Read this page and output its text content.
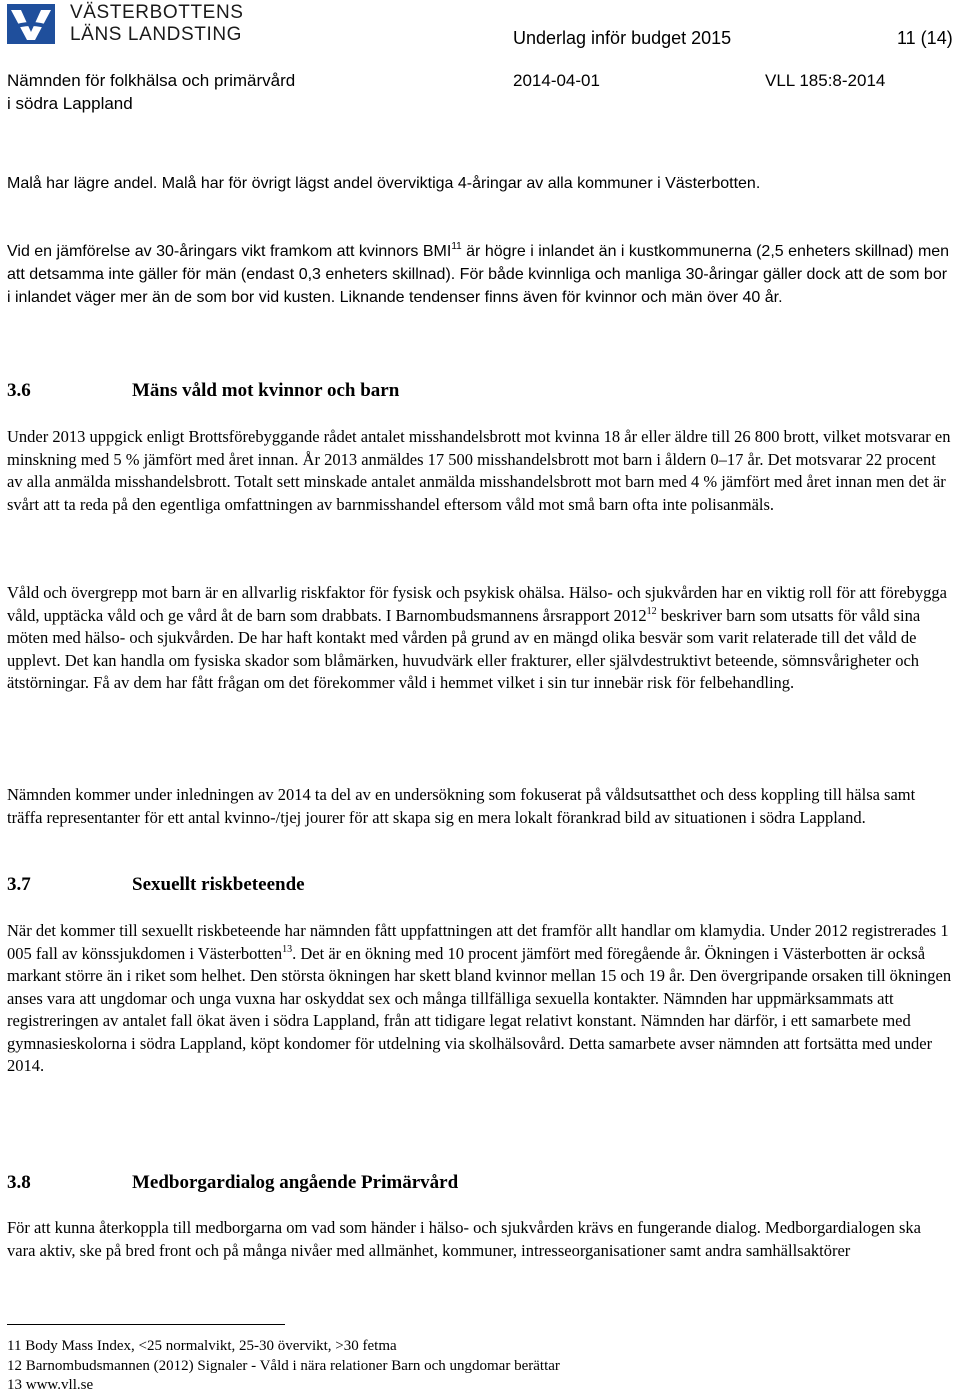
VÄSTERBOTTENS
LÄNS LANDSTING	Underlag inför budget 2015	11 (14)
Nämnden för folkhälsa och primärvård
i södra Lappland
2014-04-01	VLL 185:8-2014

Malå har lägre andel. Malå har för övrigt lägst andel överviktiga 4-åringar av alla kommuner i Västerbotten.

Vid en jämförelse av 30-åringars vikt framkom att kvinnors BMI$^{11}$ är högre i inlandet än i kustkommunerna (2,5 enheters skillnad) men att detsamma inte gäller för män (endast 0,3 enheters skillnad). För både kvinnliga och manliga 30-åringar gäller dock att de som bor i inlandet väger mer än de som bor vid kusten. Liknande tendenser finns även för kvinnor och män över 40 år.

3.6	Mäns våld mot kvinnor och barn

Under 2013 uppgick enligt Brottsförebyggande rådet antalet misshandelsbrott mot kvinna 18 år eller äldre till 26 800 brott, vilket motsvarar en minskning med 5 % jämfört med året innan. År 2013 anmäldes 17 500 misshandelsbrott mot barn i åldern 0–17 år. Det motsvarar 22 procent av alla anmälda misshandelsbrott. Totalt sett minskade antalet anmälda misshandelsbrott mot barn med 4 % jämfört med året innan men det är svårt att ta reda på den egentliga omfattningen av barnmisshandel eftersom våld mot små barn ofta inte polisanmäls.

Våld och övergrepp mot barn är en allvarlig riskfaktor för fysisk och psykisk ohälsa. Hälso- och sjukvården har en viktig roll för att förebygga våld, upptäcka våld och ge vård åt de barn som drabbats. I Barnombudsmannens årsrapport 2012$^{12}$ beskriver barn som utsatts för våld sina möten med hälso- och sjukvården. De har haft kontakt med vården på grund av en mängd olika besvär som varit relaterade till det våld de upplevt. Det kan handla om fysiska skador som blåmärken, huvudvärk eller frakturer, eller självdestruktivt beteende, sömnsvårigheter och ätstörningar. Få av dem har fått frågan om det förekommer våld i hemmet vilket i sin tur innebär risk för felbehandling.

Nämnden kommer under inledningen av 2014 ta del av en undersökning som fokuserat på våldsutsatthet och dess koppling till hälsa samt träffa representanter för ett antal kvinno-/tjej jourer för att skapa sig en mera lokalt förankrad bild av situationen i södra Lappland.

3.7	Sexuellt riskbeteende

När det kommer till sexuellt riskbeteende har nämnden fått uppfattningen att det framför allt handlar om klamydia. Under 2012 registrerades 1 005 fall av könssjukdomen i Västerbotten$^{13}$. Det är en ökning med 10 procent jämfört med föregående år. Ökningen i Västerbotten är också markant större än i riket som helhet. Den största ökningen har skett bland kvinnor mellan 15 och 19 år. Den övergripande orsaken till ökningen anses vara att ungdomar och unga vuxna har oskyddat sex och många tillfälliga sexuella kontakter. Nämnden har uppmärksammats att registreringen av antalet fall ökat även i södra Lappland, från att tidigare legat relativt konstant. Nämnden har därför, i ett samarbete med gymnasieskolorna i södra Lappland, köpt kondomer för utdelning via skolhälsovård. Detta samarbete avser nämnden att fortsätta med under 2014.

3.8	Medborgardialog angående Primärvård

För att kunna återkoppla till medborgarna om vad som händer i hälso- och sjukvården krävs en fungerande dialog. Medborgardialogen ska vara aktiv, ske på bred front och på många nivåer med allmänhet, kommuner, intresseorganisationer samt andra samhällsaktörer

11 Body Mass Index, <25 normalvikt, 25-30 övervikt, >30 fetma
12 Barnombudsmannen (2012) Signaler - Våld i nära relationer Barn och ungdomar berättar
13 www.vll.se
